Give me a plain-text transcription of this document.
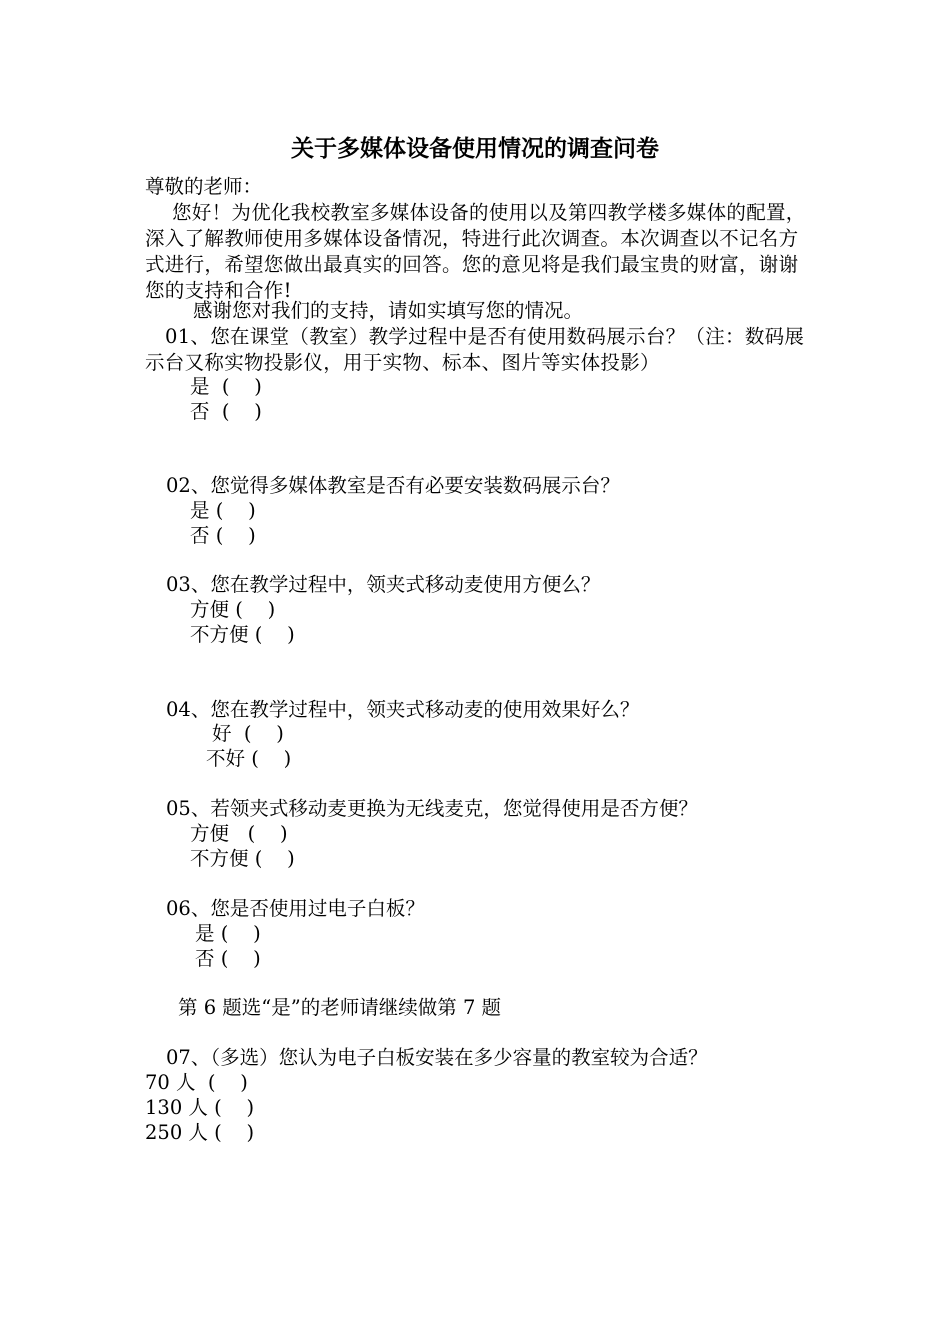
关于多媒体设备使用情况的调查问卷
尊敬的老师：
您好！为优化我校教室多媒体设备的使用以及第四教学楼多媒体的配置，深入了解教师使用多媒体设备情况，特进行此次调查。本次调查以不记名方式进行，希望您做出最真实的回答。您的意见将是我们最宝贵的财富，谢谢您的支持和合作!
感谢您对我们的支持，请如实填写您的情况。
01、您在课堂（教室）教学过程中是否有使用数码展示台？（注：数码展示台又称实物投影仪，用于实物、标本、图片等实体投影）
是  (    )
否  (    )
02、您觉得多媒体教室是否有必要安装数码展示台？
是 (    )
否 (    )
03、您在教学过程中，领夹式移动麦使用方便么？
方便 (    )
不方便 (    )
04、您在教学过程中，领夹式移动麦的使用效果好么？
好  (    )
不好 (    )
05、若领夹式移动麦更换为无线麦克，您觉得使用是否方便？
方便   (    )
不方便 (    )
06、您是否使用过电子白板？
是 (    )
否 (    )
第 6 题选“是”的老师请继续做第 7 题
07、（多选）您认为电子白板安装在多少容量的教室较为合适？
70 人  (    )
130 人 (    )
250 人 (    )
